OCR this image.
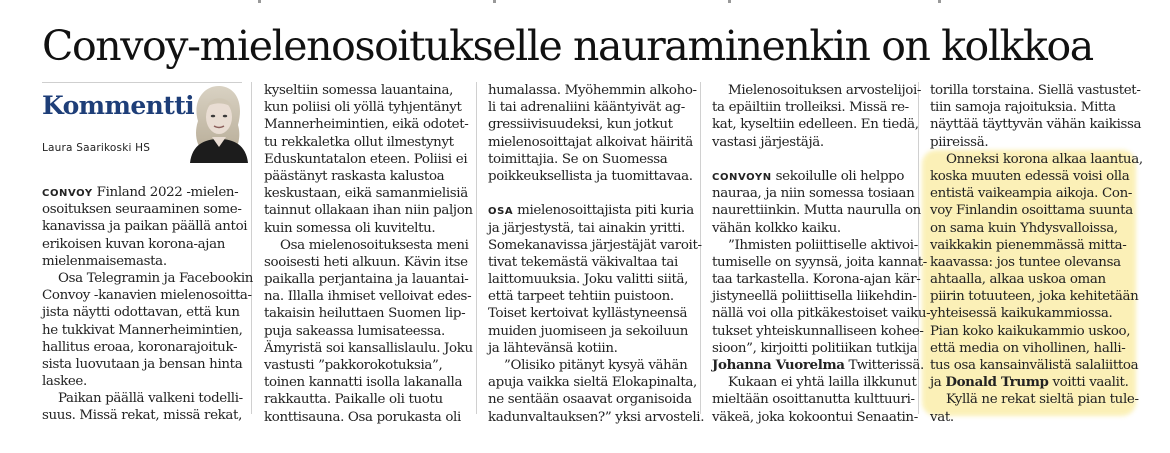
Convoy-mielenosoitukselle nauraminenkin on kolkkoa
Kommentti
Laura Saarikoski HS
CONVOY Finland 2022 -mielen-
osoituksen seuraaminen some-
kanavissa ja paikan päällä antoi
erikoisen kuvan korona-ajan
mielenmaisemasta.
Osa Telegramin ja Facebookin
Convoy -kanavien mielenosoitta-
jista näytti odottavan, että kun
he tukkivat Mannerheimintien,
hallitus eroaa, koronarajoituk-
sista luovutaan ja bensan hinta
laskee.
Paikan päällä valkeni todelli-
suus. Missä rekat, missä rekat,
kyseltiin somessa lauantaina,
kun poliisi oli yöllä tyhjentänyt
Mannerheimintien, eikä odotet-
tu rekkaletka ollut ilmestynyt
Eduskuntatalon eteen. Poliisi ei
päästänyt raskasta kalustoa
keskustaan, eikä samanmielisiä
tainnut ollakaan ihan niin paljon
kuin somessa oli kuviteltu.
Osa mielenosoituksesta meni
sooisesti heti alkuun. Kävin itse
paikalla perjantaina ja lauantai-
na. Illalla ihmiset velloivat edes-
takaisin heiluttaen Suomen lip-
puja sakeassa lumisateessa.
Ämyristä soi kansallislaulu. Joku
vastusti ”pakkorokotuksia”,
toinen kannatti isolla lakanalla
rakkautta. Paikalle oli tuotu
konttisauna. Osa porukasta oli
humalassa. Myöhemmin alkoho-
li tai adrenaliini kääntyivät ag-
gressiivisuudeksi, kun jotkut
mielenosoittajat alkoivat häiritä
toimittajia. Se on Suomessa
poikkeuksellista ja tuomittavaa.
OSA mielenosoittajista piti kuria
ja järjestystä, tai ainakin yritti.
Somekanavissa järjestäjät varoit-
tivat tekemästä väkivaltaa tai
laittomuuksia. Joku valitti siitä,
että tarpeet tehtiin puistoon.
Toiset kertoivat kyllästyneensä
muiden juomiseen ja sekoiluun
ja lähtevänsä kotiin.
”Olisiko pitänyt kysyä vähän
apuja vaikka sieltä Elokapinalta,
ne sentään osaavat organisoida
kadunvaltauksen?” yksi arvosteli.
Mielenosoituksen arvostelijoi-
ta epäiltiin trolleiksi. Missä re-
kat, kyseltiin edelleen. En tiedä,
vastasi järjestäjä.
CONVOYN sekoilulle oli helppo
nauraa, ja niin somessa tosiaan
naurettiinkin. Mutta naurulla on
vähän kolkko kaiku.
”Ihmisten poliittiselle aktivoi-
tumiselle on syynsä, joita kannat-
taa tarkastella. Korona-ajan kär-
jistyneellä poliittisella liikehdin-
nällä voi olla pitkäkestoiset vaiku-
tukset yhteiskunnalliseen kohee-
sioon”, kirjoitti politiikan tutkija
Johanna Vuorelma Twitterissä.
Kukaan ei yhtä lailla ilkkunut
mieltään osoittanutta kulttuuri-
väkeä, joka kokoontui Senaatin-
torilla torstaina. Siellä vastustet-
tiin samoja rajoituksia. Mitta
näyttää täyttyvän vähän kaikissa
piireissä.
Onneksi korona alkaa laantua,
koska muuten edessä voisi olla
entistä vaikeampia aikoja. Con-
voy Finlandin osoittama suunta
on sama kuin Yhdysvalloissa,
vaikkakin pienemmässä mitta-
kaavassa: jos tuntee olevansa
ahtaalla, alkaa uskoa oman
piirin totuuteen, joka kehitetään
yhteisessä kaikukammiossa.
Pian koko kaikukammio uskoo,
että media on vihollinen, halli-
tus osa kansainvälistä salaliittoa
ja Donald Trump voitti vaalit.
Kyllä ne rekat sieltä pian tule-
vat.
